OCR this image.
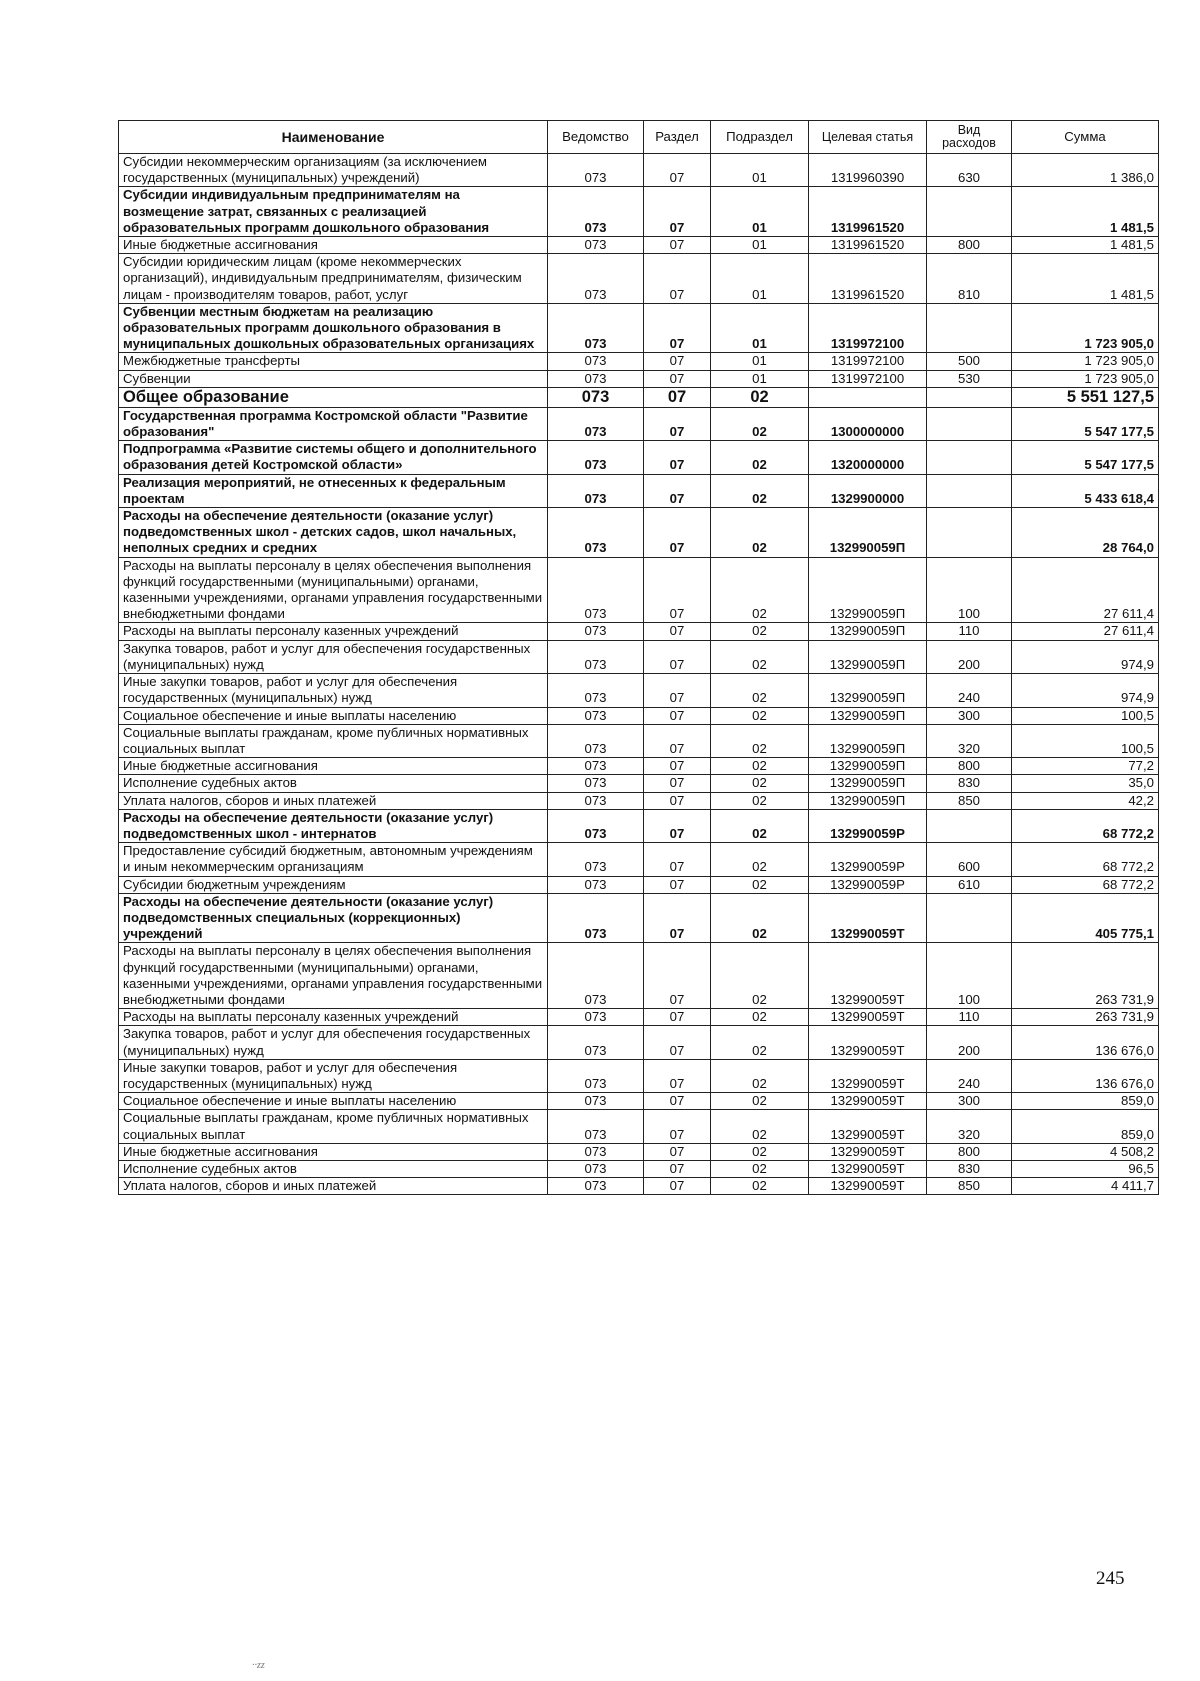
Наименование	Ведомство	Раздел	Подраздел	Целевая статья	Вид расходов	Сумма
Субсидии некоммерческим организациям (за исключением государственных (муниципальных) учреждений)	073	07	01	1319960390	630	1 386,0
Субсидии индивидуальным предпринимателям на возмещение затрат, связанных с реализацией образовательных программ дошкольного образования	073	07	01	1319961520		1 481,5
Иные бюджетные ассигнования	073	07	01	1319961520	800	1 481,5
Субсидии юридическим лицам (кроме некоммерческих организаций), индивидуальным предпринимателям, физическим лицам - производителям товаров, работ, услуг	073	07	01	1319961520	810	1 481,5
Субвенции местным бюджетам на реализацию образовательных программ дошкольного образования в муниципальных дошкольных образовательных организациях	073	07	01	1319972100		1 723 905,0
Межбюджетные трансферты	073	07	01	1319972100	500	1 723 905,0
Субвенции	073	07	01	1319972100	530	1 723 905,0
Общее образование	073	07	02			5 551 127,5
Государственная программа Костромской области "Развитие образования"	073	07	02	1300000000		5 547 177,5
Подпрограмма «Развитие системы общего и дополнительного образования детей Костромской области»	073	07	02	1320000000		5 547 177,5
Реализация мероприятий, не отнесенных к федеральным проектам	073	07	02	1329900000		5 433 618,4
Расходы на обеспечение деятельности (оказание услуг) подведомственных школ - детских садов, школ начальных, неполных средних и средних	073	07	02	132990059П		28 764,0
Расходы на выплаты персоналу в целях обеспечения выполнения функций государственными (муниципальными) органами, казенными учреждениями, органами управления государственными внебюджетными фондами	073	07	02	132990059П	100	27 611,4
Расходы на выплаты персоналу казенных учреждений	073	07	02	132990059П	110	27 611,4
Закупка товаров, работ и услуг для обеспечения государственных (муниципальных) нужд	073	07	02	132990059П	200	974,9
Иные закупки товаров, работ и услуг для обеспечения государственных (муниципальных) нужд	073	07	02	132990059П	240	974,9
Социальное обеспечение и иные выплаты населению	073	07	02	132990059П	300	100,5
Социальные выплаты гражданам, кроме публичных нормативных социальных выплат	073	07	02	132990059П	320	100,5
Иные бюджетные ассигнования	073	07	02	132990059П	800	77,2
Исполнение судебных актов	073	07	02	132990059П	830	35,0
Уплата налогов, сборов и иных платежей	073	07	02	132990059П	850	42,2
Расходы на обеспечение деятельности (оказание услуг) подведомственных школ - интернатов	073	07	02	132990059Р		68 772,2
Предоставление субсидий бюджетным, автономным учреждениям и иным некоммерческим организациям	073	07	02	132990059Р	600	68 772,2
Субсидии бюджетным учреждениям	073	07	02	132990059Р	610	68 772,2
Расходы на обеспечение деятельности (оказание услуг) подведомственных специальных (коррекционных) учреждений	073	07	02	132990059Т		405 775,1
Расходы на выплаты персоналу в целях обеспечения выполнения функций государственными (муниципальными) органами, казенными учреждениями, органами управления государственными внебюджетными фондами	073	07	02	132990059Т	100	263 731,9
Расходы на выплаты персоналу казенных учреждений	073	07	02	132990059Т	110	263 731,9
Закупка товаров, работ и услуг для обеспечения государственных (муниципальных) нужд	073	07	02	132990059Т	200	136 676,0
Иные закупки товаров, работ и услуг для обеспечения государственных (муниципальных) нужд	073	07	02	132990059Т	240	136 676,0
Социальное обеспечение и иные выплаты населению	073	07	02	132990059Т	300	859,0
Социальные выплаты гражданам, кроме публичных нормативных социальных выплат	073	07	02	132990059Т	320	859,0
Иные бюджетные ассигнования	073	07	02	132990059Т	800	4 508,2
Исполнение судебных актов	073	07	02	132990059Т	830	96,5
Уплата налогов, сборов и иных платежей	073	07	02	132990059Т	850	4 411,7
245
··zz
